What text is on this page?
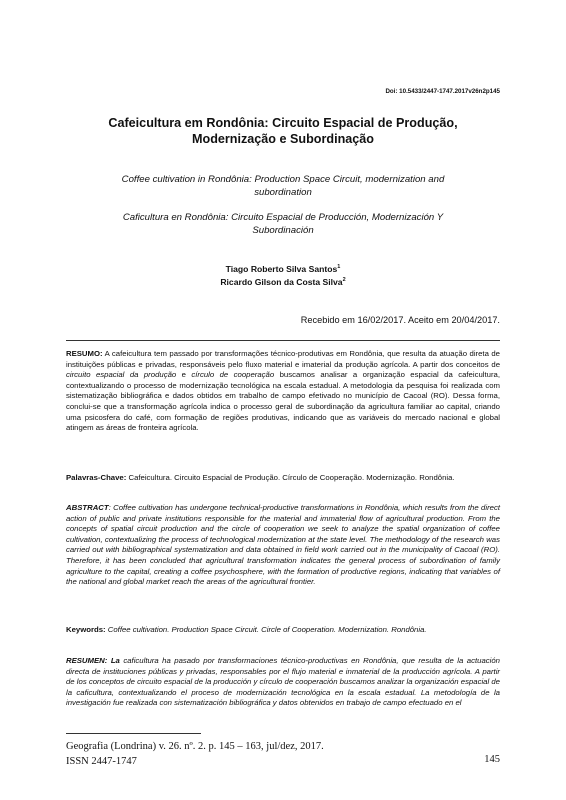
Doi: 10.5433/2447-1747.2017v26n2p145
Cafeicultura em Rondônia: Circuito Espacial de Produção,
Modernização e Subordinação
Coffee cultivation in Rondônia: Production Space Circuit, modernization and subordination
Caficultura en Rondônia: Circuito Espacial de Producción, Modernización Y Subordinación
Tiago Roberto Silva Santos$^1$
Ricardo Gilson da Costa Silva$^2$
Recebido em 16/02/2017. Aceito em 20/04/2017.
RESUMO: A cafeicultura tem passado por transformações técnico-produtivas em Rondônia, que resulta da atuação direta de instituições públicas e privadas, responsáveis pelo fluxo material e imaterial da produção agrícola. A partir dos conceitos de circuito espacial da produção e círculo de cooperação buscamos analisar a organização espacial da cafeicultura, contextualizando o processo de modernização tecnológica na escala estadual. A metodologia da pesquisa foi realizada com sistematização bibliográfica e dados obtidos em trabalho de campo efetivado no município de Cacoal (RO). Dessa forma, conclui-se que a transformação agrícola indica o processo geral de subordinação da agricultura familiar ao capital, criando uma psicosfera do café, com formação de regiões produtivas, indicando que as variáveis do mercado nacional e global atingem as áreas de fronteira agrícola.
Palavras-Chave: Cafeicultura. Circuito Espacial de Produção. Círculo de Cooperação. Modernização. Rondônia.
ABSTRACT: Coffee cultivation has undergone technical-productive transformations in Rondônia, which results from the direct action of public and private institutions responsible for the material and immaterial flow of agricultural production. From the concepts of spatial circuit production and the circle of cooperation we seek to analyze the spatial organization of coffee cultivation, contextualizing the process of technological modernization at the state level. The methodology of the research was carried out with bibliographical systematization and data obtained in field work carried out in the municipality of Cacoal (RO). Therefore, it has been concluded that agricultural transformation indicates the general process of subordination of family agriculture to the capital, creating a coffee psychosphere, with the formation of productive regions, indicating that variables of the national and global market reach the areas of the agricultural frontier.
Keywords: Coffee cultivation. Production Space Circuit. Circle of Cooperation. Modernization. Rondônia.
RESUMEN: La caficultura ha pasado por transformaciones técnico-productivas en Rondônia, que resulta de la actuación directa de instituciones públicas y privadas, responsables por el flujo material e inmaterial de la producción agrícola. A partir de los conceptos de circuito espacial de la producción y círculo de cooperación buscamos analizar la organización espacial de la caficultura, contextualizando el proceso de modernización tecnológica en la escala estadual. La metodología de la investigación fue realizada con sistematización bibliográfica y datos obtenidos en trabajo de campo efectuado en el
Geografia (Londrina) v. 26. nº. 2. p. 145 – 163, jul/dez, 2017.
ISSN 2447-1747	145
